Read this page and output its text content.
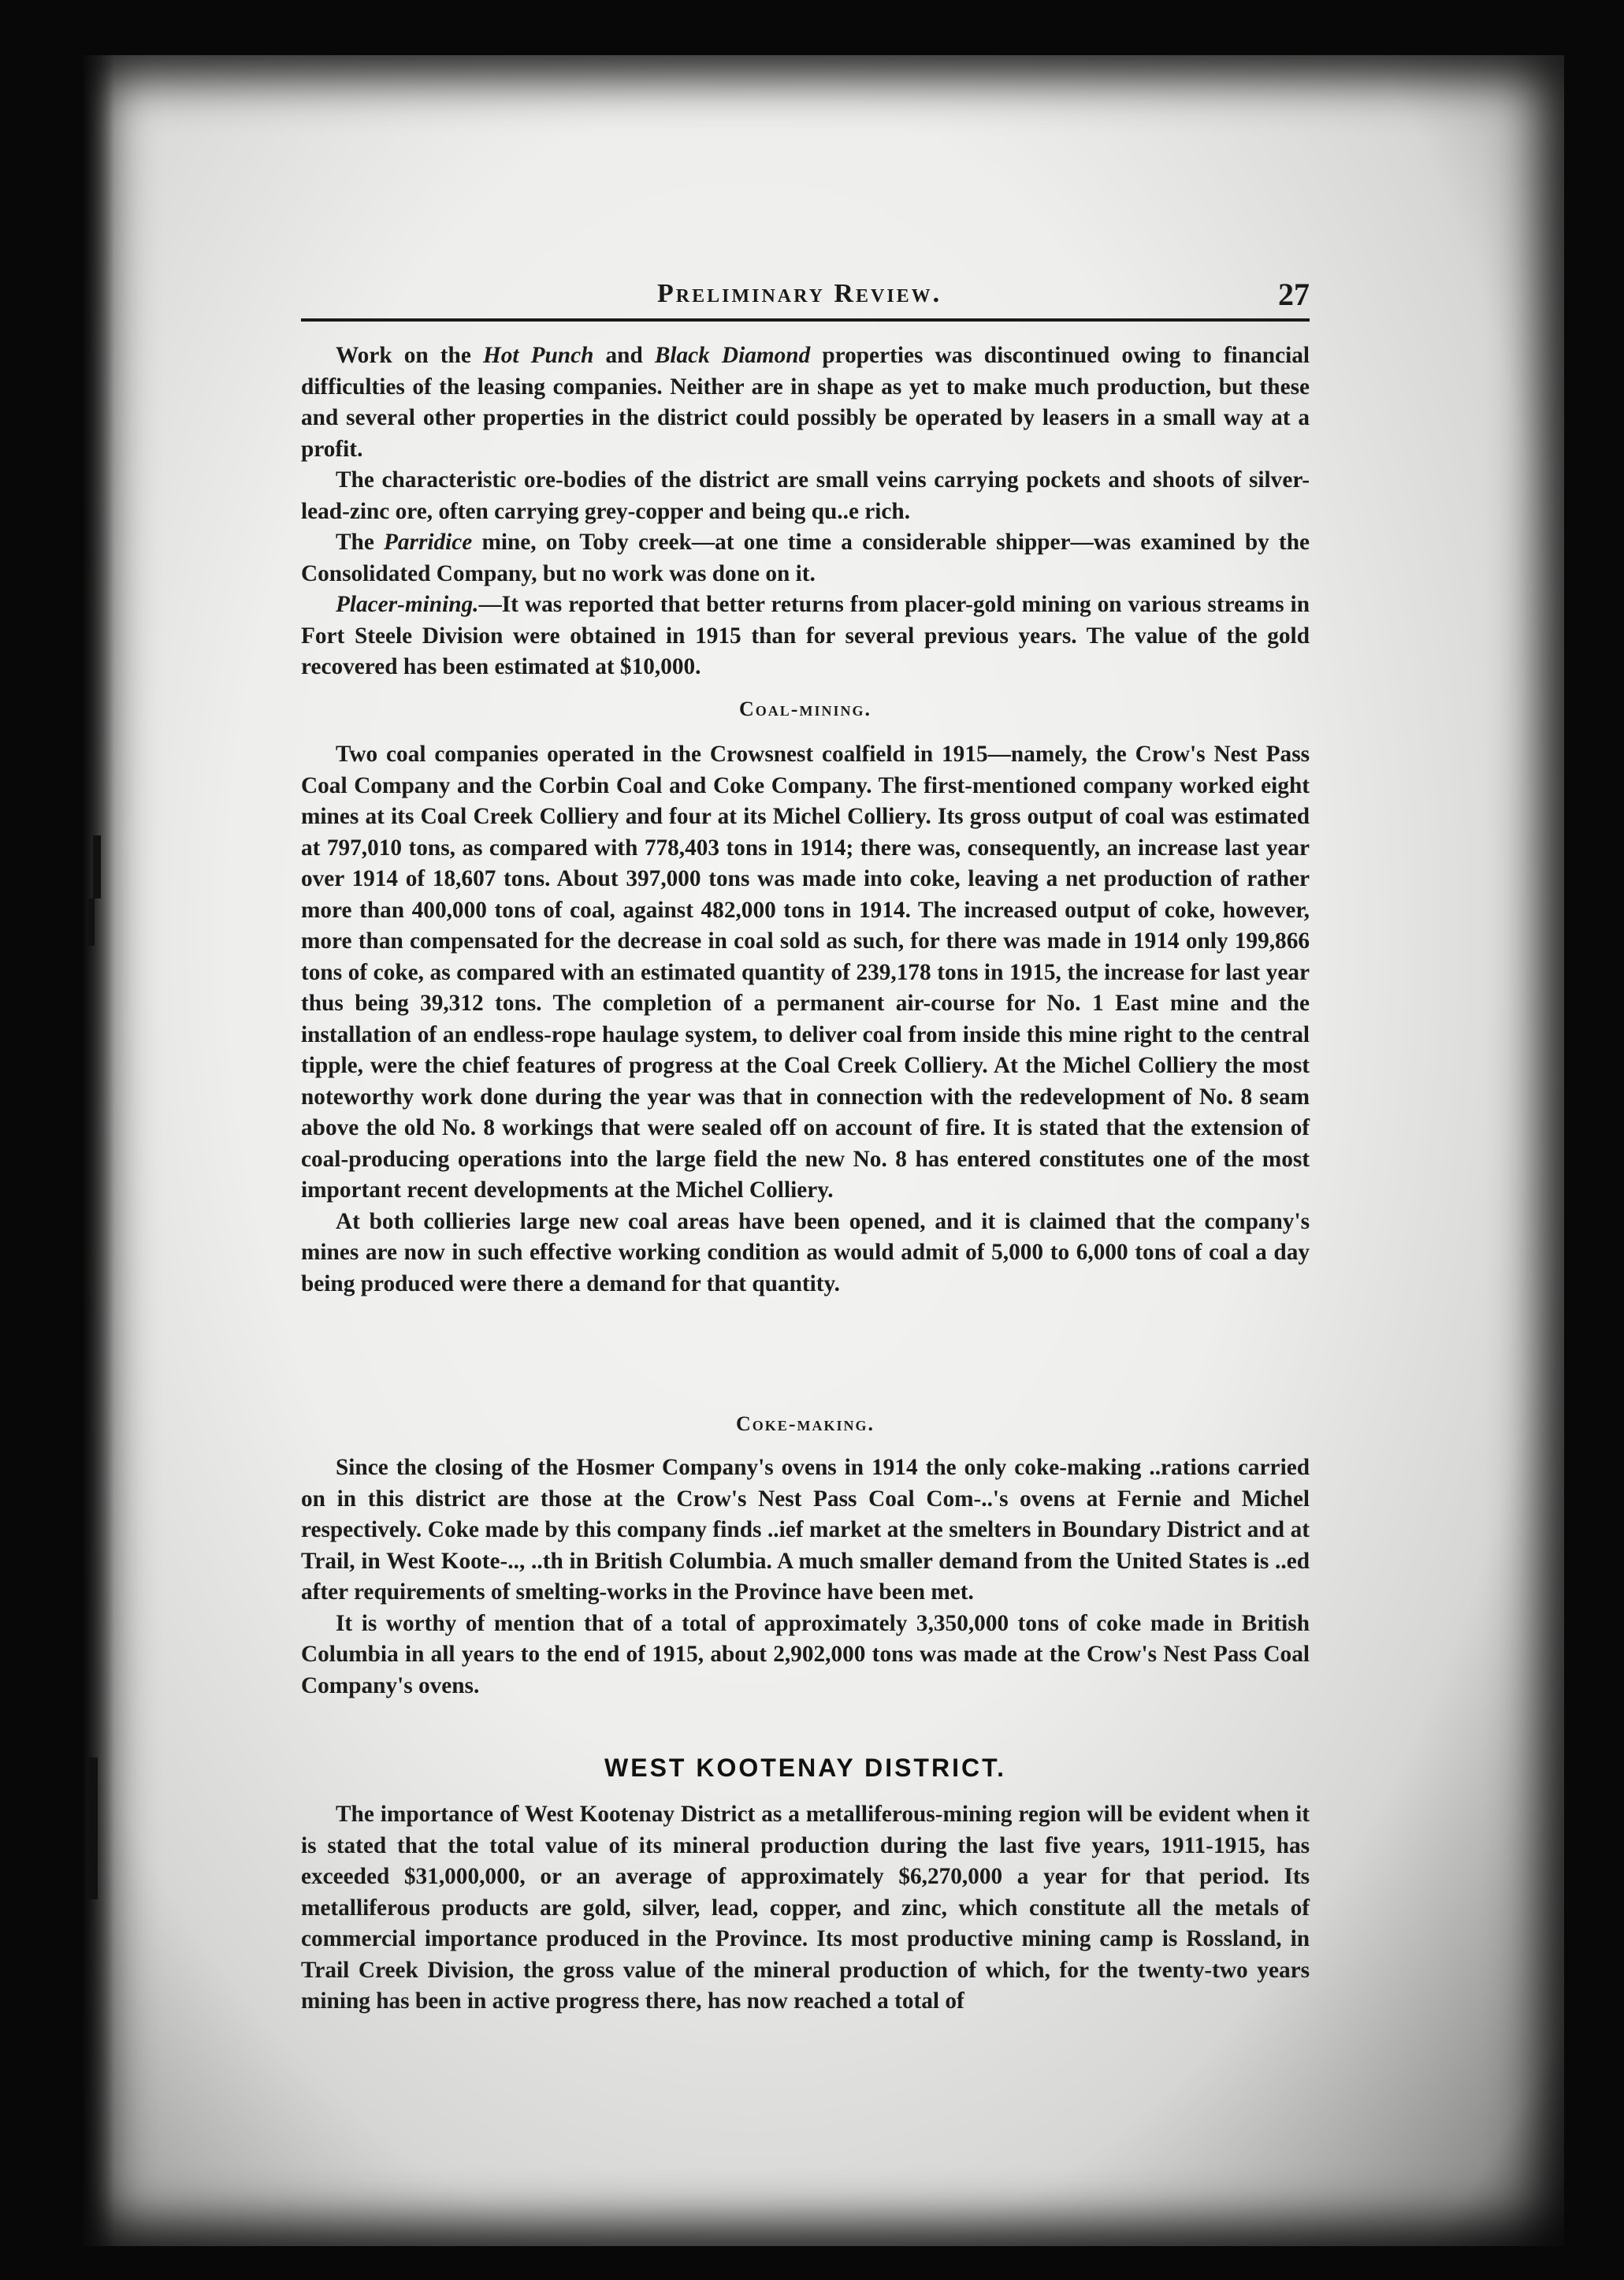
Preliminary Review.	27

Work on the Hot Punch and Black Diamond properties was discontinued owing to financial difficulties of the leasing companies. Neither are in shape as yet to make much production, but these and several other properties in the district could possibly be operated by leasers in a small way at a profit.

The characteristic ore-bodies of the district are small veins carrying pockets and shoots of silver-lead-zinc ore, often carrying grey-copper and being qu..e rich.

The Parridice mine, on Toby creek—at one time a considerable shipper—was examined by the Consolidated Company, but no work was done on it.

Placer-mining.—It was reported that better returns from placer-gold mining on various streams in Fort Steele Division were obtained in 1915 than for several previous years. The value of the gold recovered has been estimated at $10,000.

Coal-mining.

Two coal companies operated in the Crowsnest coalfield in 1915—namely, the Crow's Nest Pass Coal Company and the Corbin Coal and Coke Company. The first-mentioned company worked eight mines at its Coal Creek Colliery and four at its Michel Colliery. Its gross output of coal was estimated at 797,010 tons, as compared with 778,403 tons in 1914; there was, consequently, an increase last year over 1914 of 18,607 tons. About 397,000 tons was made into coke, leaving a net production of rather more than 400,000 tons of coal, against 482,000 tons in 1914. The increased output of coke, however, more than compensated for the decrease in coal sold as such, for there was made in 1914 only 199,866 tons of coke, as compared with an estimated quantity of 239,178 tons in 1915, the increase for last year thus being 39,312 tons. The completion of a permanent air-course for No. 1 East mine and the installation of an endless-rope haulage system, to deliver coal from inside this mine right to the central tipple, were the chief features of progress at the Coal Creek Colliery. At the Michel Colliery the most noteworthy work done during the year was that in connection with the redevelopment of No. 8 seam above the old No. 8 workings that were sealed off on account of fire. It is stated that the extension of coal-producing operations into the large field the new No. 8 has entered constitutes one of the most important recent developments at the Michel Colliery.

At both collieries large new coal areas have been opened, and it is claimed that the company's mines are now in such effective working condition as would admit of 5,000 to 6,000 tons of coal a day being produced were there a demand for that quantity.

Coke-making.

Since the closing of the Hosmer Company's ovens in 1914 the only coke-making ..rations carried on in this district are those at the Crow's Nest Pass Coal Com-..'s ovens at Fernie and Michel respectively. Coke made by this company finds ..ief market at the smelters in Boundary District and at Trail, in West Koote-.., ..th in British Columbia. A much smaller demand from the United States is ..ed after requirements of smelting-works in the Province have been met.

It is worthy of mention that of a total of approximately 3,350,000 tons of coke made in British Columbia in all years to the end of 1915, about 2,902,000 tons was made at the Crow's Nest Pass Coal Company's ovens.

WEST KOOTENAY DISTRICT.

The importance of West Kootenay District as a metalliferous-mining region will be evident when it is stated that the total value of its mineral production during the last five years, 1911-1915, has exceeded $31,000,000, or an average of approximately $6,270,000 a year for that period. Its metalliferous products are gold, silver, lead, copper, and zinc, which constitute all the metals of commercial importance produced in the Province. Its most productive mining camp is Rossland, in Trail Creek Division, the gross value of the mineral production of which, for the twenty-two years mining has been in active progress there, has now reached a total of
